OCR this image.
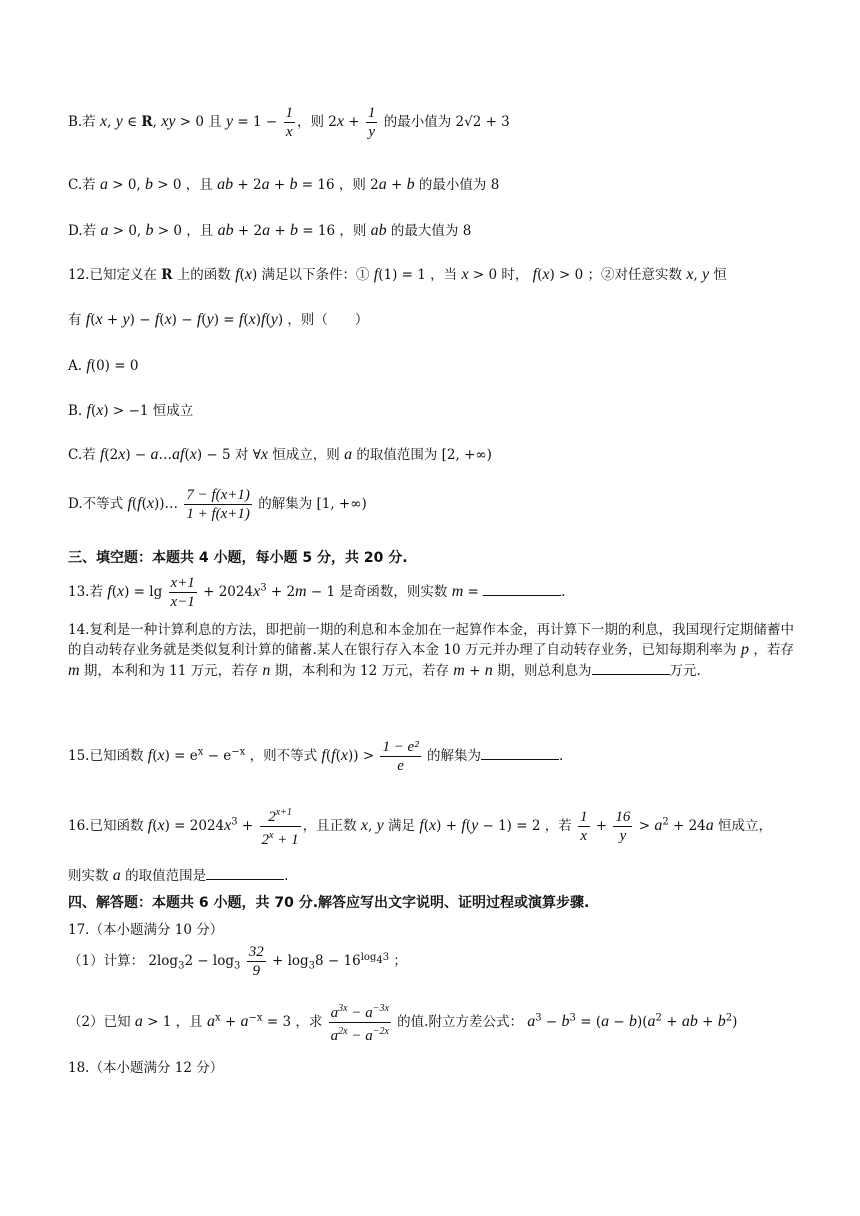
B.若 x, y ∈ R, xy > 0 且 $y = 1 - \frac{1}{x}$ ，则 $2x + \frac{1}{y}$ 的最小值为 2√2 + 3
C.若 a > 0, b > 0 ，且 ab + 2a + b = 16 ，则 2a + b 的最小值为 8
D.若 a > 0, b > 0 ，且 ab + 2a + b = 16 ，则 ab 的最大值为 8
12.已知定义在 R 上的函数 f(x) 满足以下条件：① f(1) = 1 ，当 x > 0 时， f(x) > 0 ；②对任意实数 x, y 恒
有 f(x + y) − f(x) − f(y) = f(x)f(y) ，则（　　）
A. f(0) = 0
B. f(x) > −1 恒成立
C.若 f(2x) − a…af(x) − 5 对 ∀x 恒成立，则 a 的取值范围为 [2, +∞)
D.不等式 f(f(x))… $\frac{7 - f(x+1)}{1 + f(x+1)}$ 的解集为 [1, +∞)
三、填空题：本题共 4 小题，每小题 5 分，共 20 分.
13.若 $f(x) = \lg \frac{x+1}{x-1} + 2024x^3 + 2m - 1$ 是奇函数，则实数 m =	.
14.复利是一种计算利息的方法，即把前一期的利息和本金加在一起算作本金，再计算下一期的利息，我国现行定期储蓄中的自动转存业务就是类似复利计算的储蓄.某人在银行存入本金 10 万元并办理了自动转存业务，已知每期利率为 p ，若存 m 期，本利和为 11 万元，若存 n 期，本利和为 12 万元，若存 m + n 期，则总利息为	万元.
15.已知函数 $f(x) = e^x - e^{-x}$ ，则不等式 $f(f(x)) > \frac{\text{1 − e²}}{e}$ 的解集为	.
16.已知函数 $f(x) = 2024x^3 + \frac{2^{x+1}}{2^x + 1}$ ，且正数 x, y 满足 f(x) + f(y − 1) = 2 ，若 $\frac{1}{x} + \frac{16}{y} > a^2 + 24a$ 恒成立，
则实数 a 的取值范围是	.
四、解答题：本题共 6 小题，共 70 分.解答应写出文字说明、证明过程或演算步骤.
17.（本小题满分 10 分）
（1）计算： $2\log_32 - \log_3 \frac{32}{9} + \log_38 - 16^{log_43}$ ；
（2）已知 a > 1 ，且 $a^x + a^{-x} = 3$ ，求 $\frac{a^{3x} - a^{-3x}}{a^{2x} - a^{-2x}}$ 的值.附立方差公式： $a^3 - b^3 = (a - b)(a^2$ + ab + $b^2$)
18.（本小题满分 12 分）
